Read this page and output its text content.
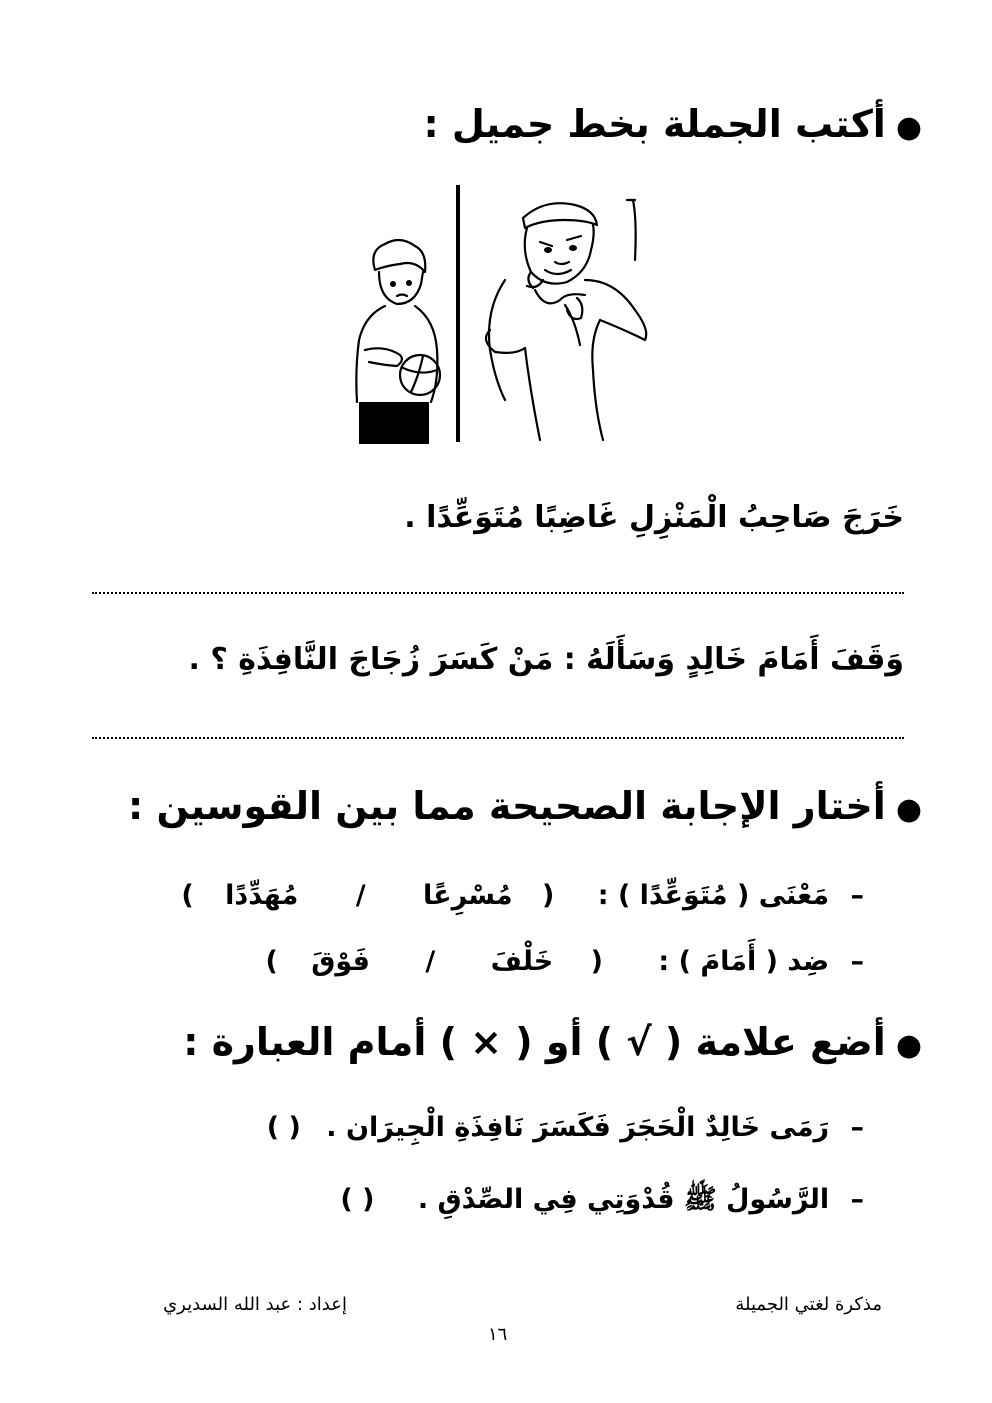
●أكتب الجملة بخط جميل :
خَرَجَ صَاحِبُ الْمَنْزِلِ غَاضِبًا مُتَوَعِّدًا .
وَقَفَ أَمَامَ خَالِدٍ وَسَأَلَهُ : مَنْ كَسَرَ زُجَاجَ النَّافِذَةِ ؟ .
●أختار الإجابة الصحيحة مما بين القوسين :
– مَعْنَى ( مُتَوَعِّدًا ) : ( مُسْرِعًا / مُهَدِّدًا )
– ضِد ( أَمَامَ ) : ( خَلْفَ / فَوْقَ )
●أضع علامة ( √ ) أو ( × ) أمام العبارة :
– رَمَى خَالِدٌ الْحَجَرَ فَكَسَرَ نَافِذَةِ الْجِيرَان . ( )
– الرَّسُولُ ﷺ قُدْوَتِي فِي الصِّدْقِ . ( )
مذكرة لغتي الجميلة
إعداد : عبد الله السديري
١٦
